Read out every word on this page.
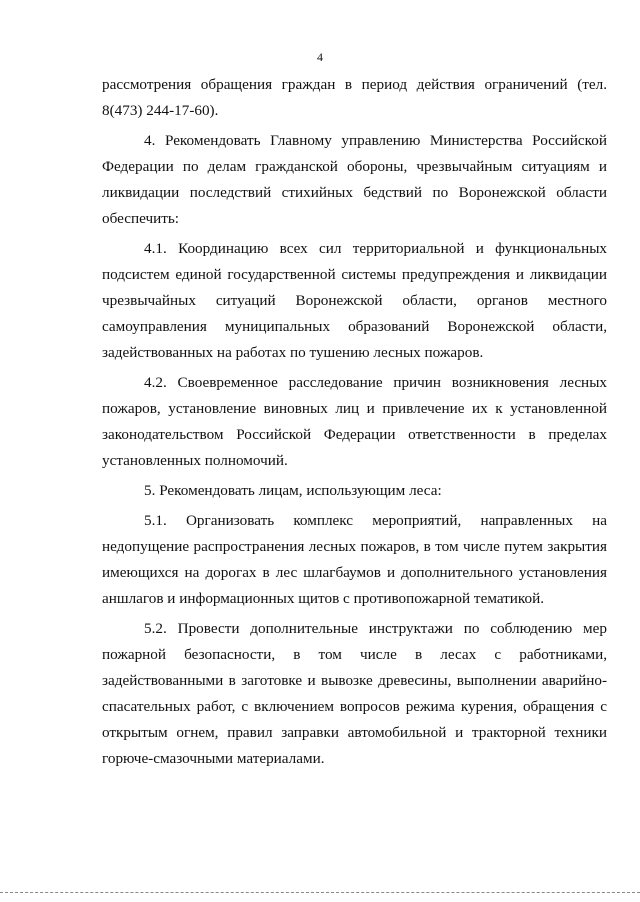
4
рассмотрения обращения граждан в период действия ограничений (тел.
8(473) 244-17-60).
4. Рекомендовать Главному управлению Министерства Российской
Федерации по делам гражданской обороны, чрезвычайным ситуациям и
ликвидации последствий стихийных бедствий по Воронежской области
обеспечить:
4.1. Координацию всех сил территориальной и функциональных
подсистем единой государственной системы предупреждения и ликвидации
чрезвычайных ситуаций Воронежской области, органов местного
самоуправления муниципальных образований Воронежской области,
задействованных на работах по тушению лесных пожаров.
4.2. Своевременное расследование причин возникновения лесных
пожаров, установление виновных лиц и привлечение их к установленной
законодательством Российской Федерации ответственности в пределах
установленных полномочий.
5. Рекомендовать лицам, использующим леса:
5.1. Организовать комплекс мероприятий, направленных на
недопущение распространения лесных пожаров, в том числе путем закрытия
имеющихся на дорогах в лес шлагбаумов и дополнительного установления
аншлагов и информационных щитов с противопожарной тематикой.
5.2. Провести дополнительные инструктажи по соблюдению мер
пожарной безопасности, в том числе в лесах с работниками,
задействованными в заготовке и вывозке древесины, выполнении аварийно-
спасательных работ, с включением вопросов режима курения, обращения с
открытым огнем, правил заправки автомобильной и тракторной техники
горюче-смазочными материалами.
